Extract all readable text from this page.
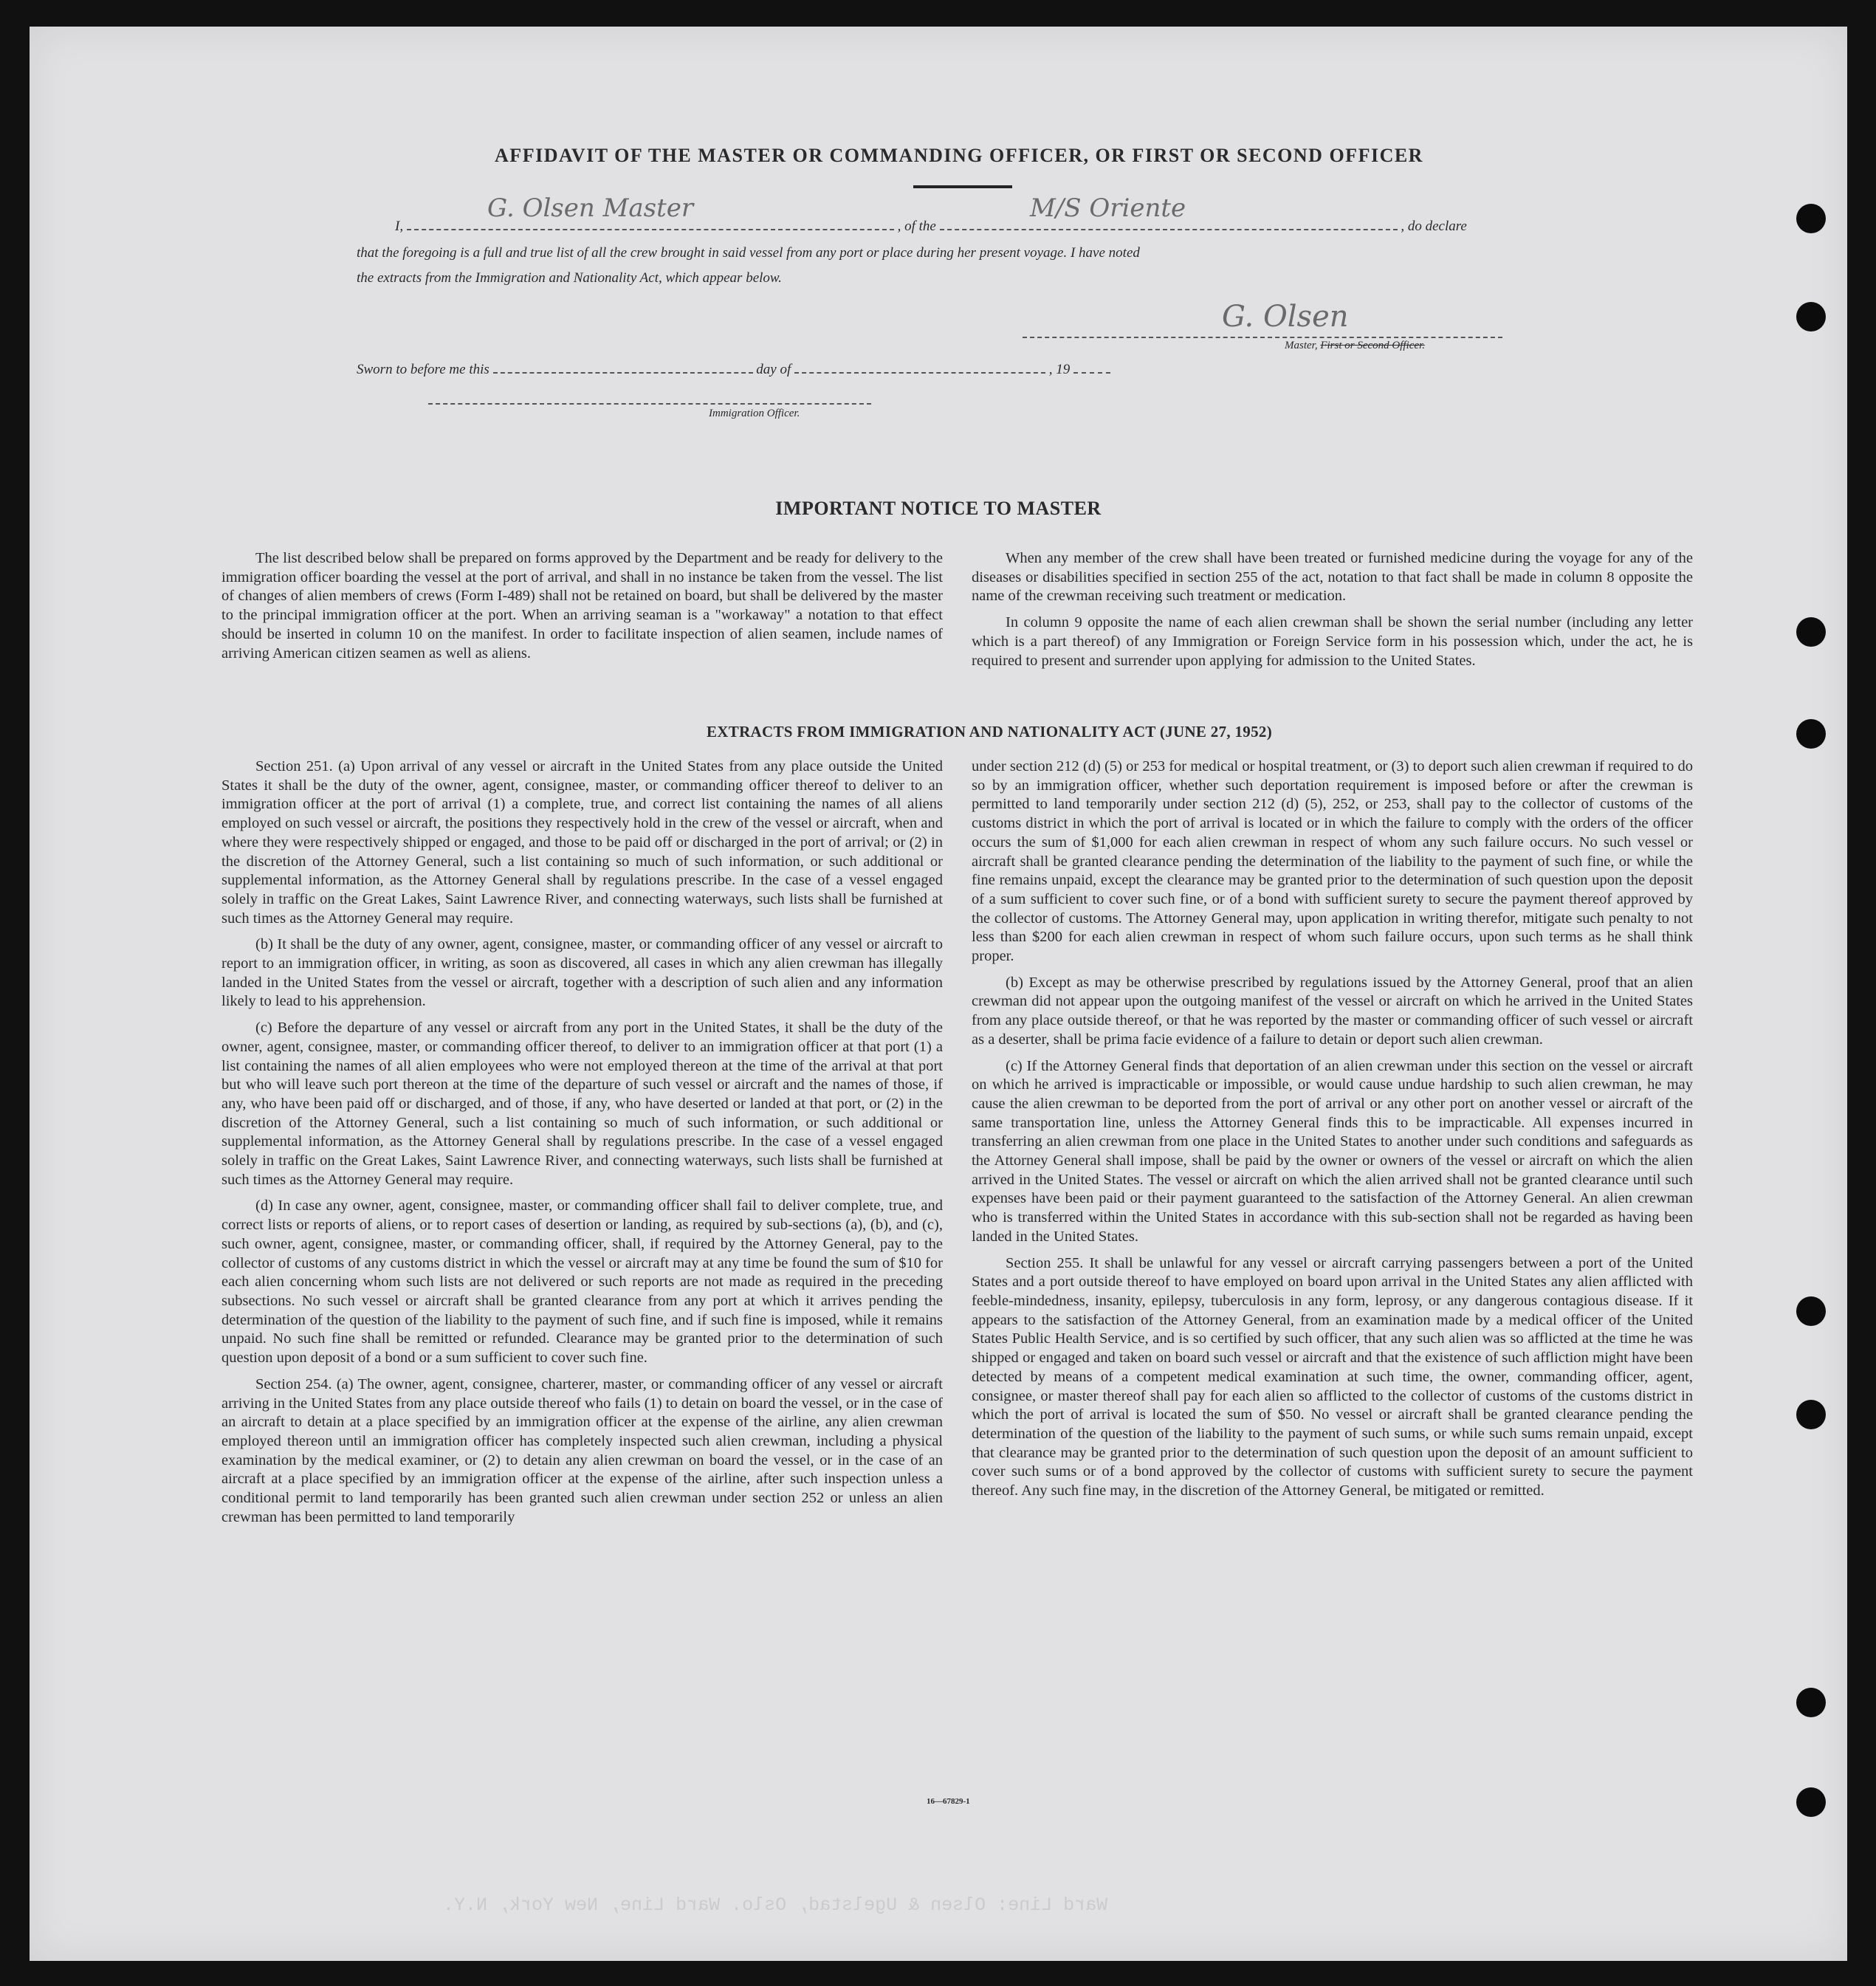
AFFIDAVIT OF THE MASTER OR COMMANDING OFFICER, OR FIRST OR SECOND OFFICER
I,	, of the	, do declare
G. Olsen Master	M/S Oriente
that the foregoing is a full and true list of all the crew brought in said vessel from any port or place during her present voyage. I have noted
the extracts from the Immigration and Nationality Act, which appear below.
G. Olsen
Master, First or Second Officer.
Sworn to before me this	day of	, 19
Immigration Officer.
IMPORTANT NOTICE TO MASTER

The list described below shall be prepared on forms approved by the Department and be ready for delivery to the immigration officer boarding the vessel at the port of arrival, and shall in no instance be taken from the vessel. The list of changes of alien members of crews (Form I-489) shall not be retained on board, but shall be delivered by the master to the principal immigration officer at the port. When an arriving seaman is a "workaway" a notation to that effect should be inserted in column 10 on the manifest. In order to facilitate inspection of alien seamen, include names of arriving American citizen seamen as well as aliens.

When any member of the crew shall have been treated or furnished medicine during the voyage for any of the diseases or disabilities specified in section 255 of the act, notation to that fact shall be made in column 8 opposite the name of the crewman receiving such treatment or medication.

In column 9 opposite the name of each alien crewman shall be shown the serial number (including any letter which is a part thereof) of any Immigration or Foreign Service form in his possession which, under the act, he is required to present and surrender upon applying for admission to the United States.

EXTRACTS FROM IMMIGRATION AND NATIONALITY ACT (JUNE 27, 1952)

Section 251. (a) Upon arrival of any vessel or aircraft in the United States from any place outside the United States it shall be the duty of the owner, agent, consignee, master, or commanding officer thereof to deliver to an immigration officer at the port of arrival (1) a complete, true, and correct list containing the names of all aliens employed on such vessel or aircraft, the positions they respectively hold in the crew of the vessel or aircraft, when and where they were respectively shipped or engaged, and those to be paid off or discharged in the port of arrival; or (2) in the discretion of the Attorney General, such a list containing so much of such information, or such additional or supplemental information, as the Attorney General shall by regulations prescribe. In the case of a vessel engaged solely in traffic on the Great Lakes, Saint Lawrence River, and connecting waterways, such lists shall be furnished at such times as the Attorney General may require.

(b) It shall be the duty of any owner, agent, consignee, master, or commanding officer of any vessel or aircraft to report to an immigration officer, in writing, as soon as discovered, all cases in which any alien crewman has illegally landed in the United States from the vessel or aircraft, together with a description of such alien and any information likely to lead to his apprehension.

(c) Before the departure of any vessel or aircraft from any port in the United States, it shall be the duty of the owner, agent, consignee, master, or commanding officer thereof, to deliver to an immigration officer at that port (1) a list containing the names of all alien employees who were not employed thereon at the time of the arrival at that port but who will leave such port thereon at the time of the departure of such vessel or aircraft and the names of those, if any, who have been paid off or discharged, and of those, if any, who have deserted or landed at that port, or (2) in the discretion of the Attorney General, such a list containing so much of such information, or such additional or supplemental information, as the Attorney General shall by regulations prescribe. In the case of a vessel engaged solely in traffic on the Great Lakes, Saint Lawrence River, and connecting waterways, such lists shall be furnished at such times as the Attorney General may require.

(d) In case any owner, agent, consignee, master, or commanding officer shall fail to deliver complete, true, and correct lists or reports of aliens, or to report cases of desertion or landing, as required by sub-sections (a), (b), and (c), such owner, agent, consignee, master, or commanding officer, shall, if required by the Attorney General, pay to the collector of customs of any customs district in which the vessel or aircraft may at any time be found the sum of $10 for each alien concerning whom such lists are not delivered or such reports are not made as required in the preceding subsections. No such vessel or aircraft shall be granted clearance from any port at which it arrives pending the determination of the question of the liability to the payment of such fine, and if such fine is imposed, while it remains unpaid. No such fine shall be remitted or refunded. Clearance may be granted prior to the determination of such question upon deposit of a bond or a sum sufficient to cover such fine.

Section 254. (a) The owner, agent, consignee, charterer, master, or commanding officer of any vessel or aircraft arriving in the United States from any place outside thereof who fails (1) to detain on board the vessel, or in the case of an aircraft to detain at a place specified by an immigration officer at the expense of the airline, any alien crewman employed thereon until an immigration officer has completely inspected such alien crewman, including a physical examination by the medical examiner, or (2) to detain any alien crewman on board the vessel, or in the case of an aircraft at a place specified by an immigration officer at the expense of the airline, after such inspection unless a conditional permit to land temporarily has been granted such alien crewman under section 252 or unless an alien crewman has been permitted to land temporarily

under section 212 (d) (5) or 253 for medical or hospital treatment, or (3) to deport such alien crewman if required to do so by an immigration officer, whether such deportation requirement is imposed before or after the crewman is permitted to land temporarily under section 212 (d) (5), 252, or 253, shall pay to the collector of customs of the customs district in which the port of arrival is located or in which the failure to comply with the orders of the officer occurs the sum of $1,000 for each alien crewman in respect of whom any such failure occurs. No such vessel or aircraft shall be granted clearance pending the determination of the liability to the payment of such fine, or while the fine remains unpaid, except the clearance may be granted prior to the determination of such question upon the deposit of a sum sufficient to cover such fine, or of a bond with sufficient surety to secure the payment thereof approved by the collector of customs. The Attorney General may, upon application in writing therefor, mitigate such penalty to not less than $200 for each alien crewman in respect of whom such failure occurs, upon such terms as he shall think proper.

(b) Except as may be otherwise prescribed by regulations issued by the Attorney General, proof that an alien crewman did not appear upon the outgoing manifest of the vessel or aircraft on which he arrived in the United States from any place outside thereof, or that he was reported by the master or commanding officer of such vessel or aircraft as a deserter, shall be prima facie evidence of a failure to detain or deport such alien crewman.

(c) If the Attorney General finds that deportation of an alien crewman under this section on the vessel or aircraft on which he arrived is impracticable or impossible, or would cause undue hardship to such alien crewman, he may cause the alien crewman to be deported from the port of arrival or any other port on another vessel or aircraft of the same transportation line, unless the Attorney General finds this to be impracticable. All expenses incurred in transferring an alien crewman from one place in the United States to another under such conditions and safeguards as the Attorney General shall impose, shall be paid by the owner or owners of the vessel or aircraft on which the alien arrived in the United States. The vessel or aircraft on which the alien arrived shall not be granted clearance until such expenses have been paid or their payment guaranteed to the satisfaction of the Attorney General. An alien crewman who is transferred within the United States in accordance with this sub-section shall not be regarded as having been landed in the United States.

Section 255. It shall be unlawful for any vessel or aircraft carrying passengers between a port of the United States and a port outside thereof to have employed on board upon arrival in the United States any alien afflicted with feeble-mindedness, insanity, epilepsy, tuberculosis in any form, leprosy, or any dangerous contagious disease. If it appears to the satisfaction of the Attorney General, from an examination made by a medical officer of the United States Public Health Service, and is so certified by such officer, that any such alien was so afflicted at the time he was shipped or engaged and taken on board such vessel or aircraft and that the existence of such affliction might have been detected by means of a competent medical examination at such time, the owner, commanding officer, agent, consignee, or master thereof shall pay for each alien so afflicted to the collector of customs of the customs district in which the port of arrival is located the sum of $50. No vessel or aircraft shall be granted clearance pending the determination of the question of the liability to the payment of such sums, or while such sums remain unpaid, except that clearance may be granted prior to the determination of such question upon the deposit of an amount sufficient to cover such sums or of a bond approved by the collector of customs with sufficient surety to secure the payment thereof. Any such fine may, in the discretion of the Attorney General, be mitigated or remitted.

16—67829-1
Ward Line: Olsen & Ugelstad, Oslo. Ward Line, New York, N.Y.
